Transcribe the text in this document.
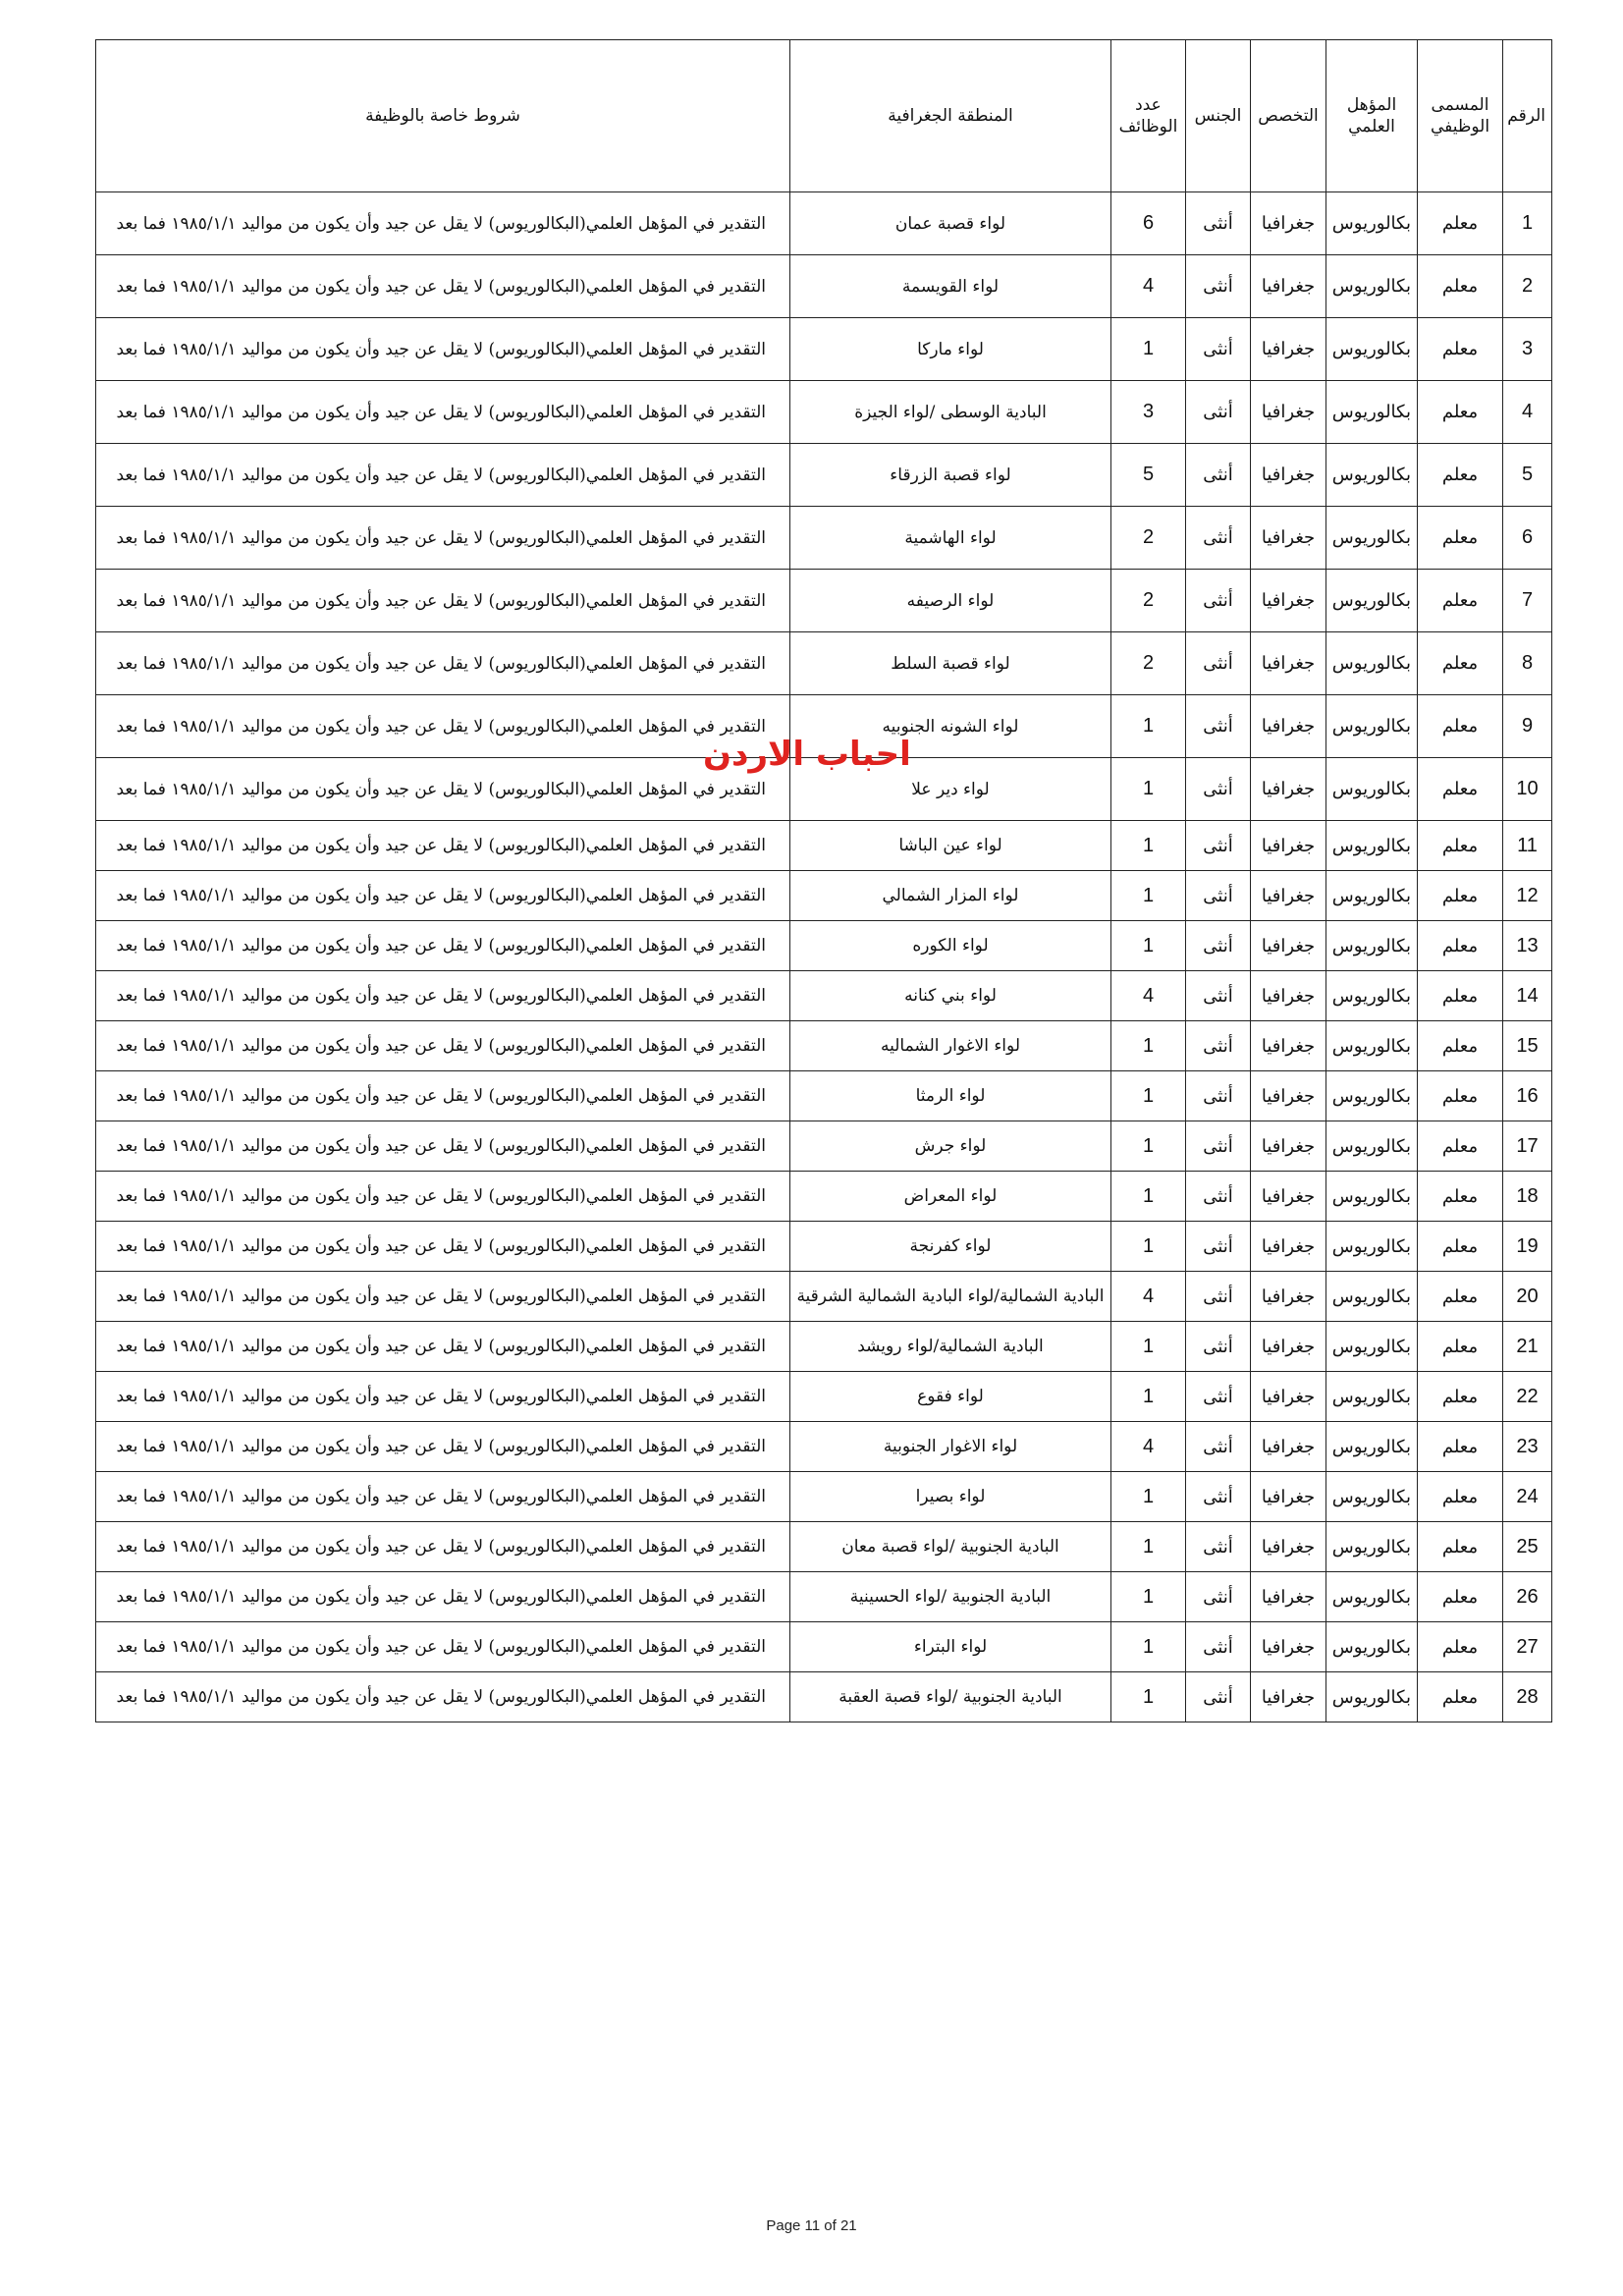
الرقم	المسمى الوظيفي	المؤهل العلمي	التخصص	الجنس	عدد الوظائف	المنطقة الجغرافية	شروط خاصة بالوظيفة
1	معلم	بكالوريوس	جغرافيا	أنثى	6	لواء قصبة عمان	التقدير في المؤهل العلمي(البكالوريوس) لا يقل عن جيد وأن يكون من مواليد ١٩٨٥/١/١ فما بعد
2	معلم	بكالوريوس	جغرافيا	أنثى	4	لواء القويسمة	التقدير في المؤهل العلمي(البكالوريوس) لا يقل عن جيد وأن يكون من مواليد ١٩٨٥/١/١ فما بعد
3	معلم	بكالوريوس	جغرافيا	أنثى	1	لواء ماركا	التقدير في المؤهل العلمي(البكالوريوس) لا يقل عن جيد وأن يكون من مواليد ١٩٨٥/١/١ فما بعد
4	معلم	بكالوريوس	جغرافيا	أنثى	3	البادية الوسطى /لواء الجيزة	التقدير في المؤهل العلمي(البكالوريوس) لا يقل عن جيد وأن يكون من مواليد ١٩٨٥/١/١ فما بعد
5	معلم	بكالوريوس	جغرافيا	أنثى	5	لواء قصبة الزرقاء	التقدير في المؤهل العلمي(البكالوريوس) لا يقل عن جيد وأن يكون من مواليد ١٩٨٥/١/١ فما بعد
6	معلم	بكالوريوس	جغرافيا	أنثى	2	لواء الهاشمية	التقدير في المؤهل العلمي(البكالوريوس) لا يقل عن جيد وأن يكون من مواليد ١٩٨٥/١/١ فما بعد
7	معلم	بكالوريوس	جغرافيا	أنثى	2	لواء الرصيفه	التقدير في المؤهل العلمي(البكالوريوس) لا يقل عن جيد وأن يكون من مواليد ١٩٨٥/١/١ فما بعد
8	معلم	بكالوريوس	جغرافيا	أنثى	2	لواء قصبة السلط	التقدير في المؤهل العلمي(البكالوريوس) لا يقل عن جيد وأن يكون من مواليد ١٩٨٥/١/١ فما بعد
9	معلم	بكالوريوس	جغرافيا	أنثى	1	لواء الشونه الجنوبيه	التقدير في المؤهل العلمي(البكالوريوس) لا يقل عن جيد وأن يكون من مواليد ١٩٨٥/١/١ فما بعد
10	معلم	بكالوريوس	جغرافيا	أنثى	1	لواء دير علا	التقدير في المؤهل العلمي(البكالوريوس) لا يقل عن جيد وأن يكون من مواليد ١٩٨٥/١/١ فما بعد
11	معلم	بكالوريوس	جغرافيا	أنثى	1	لواء عين الباشا	التقدير في المؤهل العلمي(البكالوريوس) لا يقل عن جيد وأن يكون من مواليد ١٩٨٥/١/١ فما بعد
12	معلم	بكالوريوس	جغرافيا	أنثى	1	لواء المزار الشمالي	التقدير في المؤهل العلمي(البكالوريوس) لا يقل عن جيد وأن يكون من مواليد ١٩٨٥/١/١ فما بعد
13	معلم	بكالوريوس	جغرافيا	أنثى	1	لواء الكوره	التقدير في المؤهل العلمي(البكالوريوس) لا يقل عن جيد وأن يكون من مواليد ١٩٨٥/١/١ فما بعد
14	معلم	بكالوريوس	جغرافيا	أنثى	4	لواء بني كنانه	التقدير في المؤهل العلمي(البكالوريوس) لا يقل عن جيد وأن يكون من مواليد ١٩٨٥/١/١ فما بعد
15	معلم	بكالوريوس	جغرافيا	أنثى	1	لواء الاغوار الشماليه	التقدير في المؤهل العلمي(البكالوريوس) لا يقل عن جيد وأن يكون من مواليد ١٩٨٥/١/١ فما بعد
16	معلم	بكالوريوس	جغرافيا	أنثى	1	لواء الرمثا	التقدير في المؤهل العلمي(البكالوريوس) لا يقل عن جيد وأن يكون من مواليد ١٩٨٥/١/١ فما بعد
17	معلم	بكالوريوس	جغرافيا	أنثى	1	لواء جرش	التقدير في المؤهل العلمي(البكالوريوس) لا يقل عن جيد وأن يكون من مواليد ١٩٨٥/١/١ فما بعد
18	معلم	بكالوريوس	جغرافيا	أنثى	1	لواء المعراض	التقدير في المؤهل العلمي(البكالوريوس) لا يقل عن جيد وأن يكون من مواليد ١٩٨٥/١/١ فما بعد
19	معلم	بكالوريوس	جغرافيا	أنثى	1	لواء كفرنجة	التقدير في المؤهل العلمي(البكالوريوس) لا يقل عن جيد وأن يكون من مواليد ١٩٨٥/١/١ فما بعد
20	معلم	بكالوريوس	جغرافيا	أنثى	4	البادية الشمالية/لواء البادية الشمالية الشرقية	التقدير في المؤهل العلمي(البكالوريوس) لا يقل عن جيد وأن يكون من مواليد ١٩٨٥/١/١ فما بعد
21	معلم	بكالوريوس	جغرافيا	أنثى	1	البادية الشمالية/لواء رويشد	التقدير في المؤهل العلمي(البكالوريوس) لا يقل عن جيد وأن يكون من مواليد ١٩٨٥/١/١ فما بعد
22	معلم	بكالوريوس	جغرافيا	أنثى	1	لواء فقوع	التقدير في المؤهل العلمي(البكالوريوس) لا يقل عن جيد وأن يكون من مواليد ١٩٨٥/١/١ فما بعد
23	معلم	بكالوريوس	جغرافيا	أنثى	4	لواء الاغوار الجنوبية	التقدير في المؤهل العلمي(البكالوريوس) لا يقل عن جيد وأن يكون من مواليد ١٩٨٥/١/١ فما بعد
24	معلم	بكالوريوس	جغرافيا	أنثى	1	لواء بصيرا	التقدير في المؤهل العلمي(البكالوريوس) لا يقل عن جيد وأن يكون من مواليد ١٩٨٥/١/١ فما بعد
25	معلم	بكالوريوس	جغرافيا	أنثى	1	البادية الجنوبية /لواء قصبة معان	التقدير في المؤهل العلمي(البكالوريوس) لا يقل عن جيد وأن يكون من مواليد ١٩٨٥/١/١ فما بعد
26	معلم	بكالوريوس	جغرافيا	أنثى	1	البادية الجنوبية /لواء الحسينية	التقدير في المؤهل العلمي(البكالوريوس) لا يقل عن جيد وأن يكون من مواليد ١٩٨٥/١/١ فما بعد
27	معلم	بكالوريوس	جغرافيا	أنثى	1	لواء البتراء	التقدير في المؤهل العلمي(البكالوريوس) لا يقل عن جيد وأن يكون من مواليد ١٩٨٥/١/١ فما بعد
28	معلم	بكالوريوس	جغرافيا	أنثى	1	البادية الجنوبية /لواء قصبة العقبة	التقدير في المؤهل العلمي(البكالوريوس) لا يقل عن جيد وأن يكون من مواليد ١٩٨٥/١/١ فما بعد
احباب الاردن
Page 11 of 21
